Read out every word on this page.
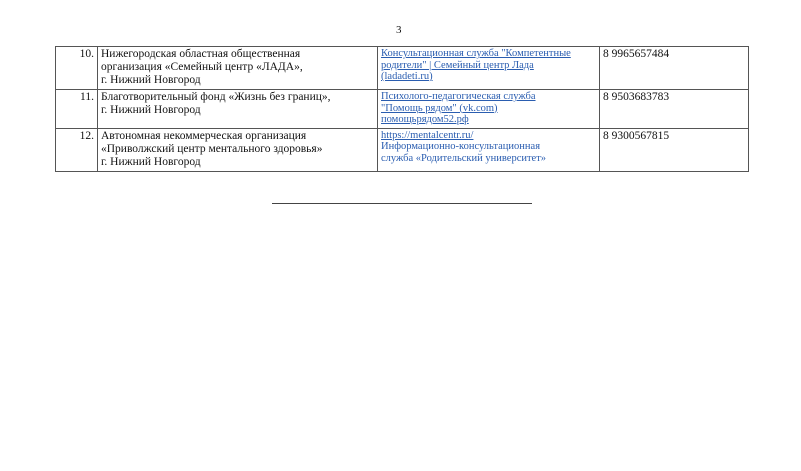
3
10.	Нижегородская областная общественная
организация «Семейный центр «ЛАДА»,
г. Нижний Новгород	Консультационная служба "Компетентные
родители" | Семейный центр Лада
(ladadeti.ru)	8 9965657484
11.	Благотворительный фонд «Жизнь без границ»,
г. Нижний Новгород	Психолого-педагогическая служба
"Помощь рядом" (vk.com)
помощьрядом52.рф	8 9503683783
12.	Автономная некоммерческая организация
«Приволжский центр ментального здоровья»
г. Нижний Новгород	https://mentalcentr.ru/
Информационно-консультационная
служба «Родительский университет»	8 9300567815
